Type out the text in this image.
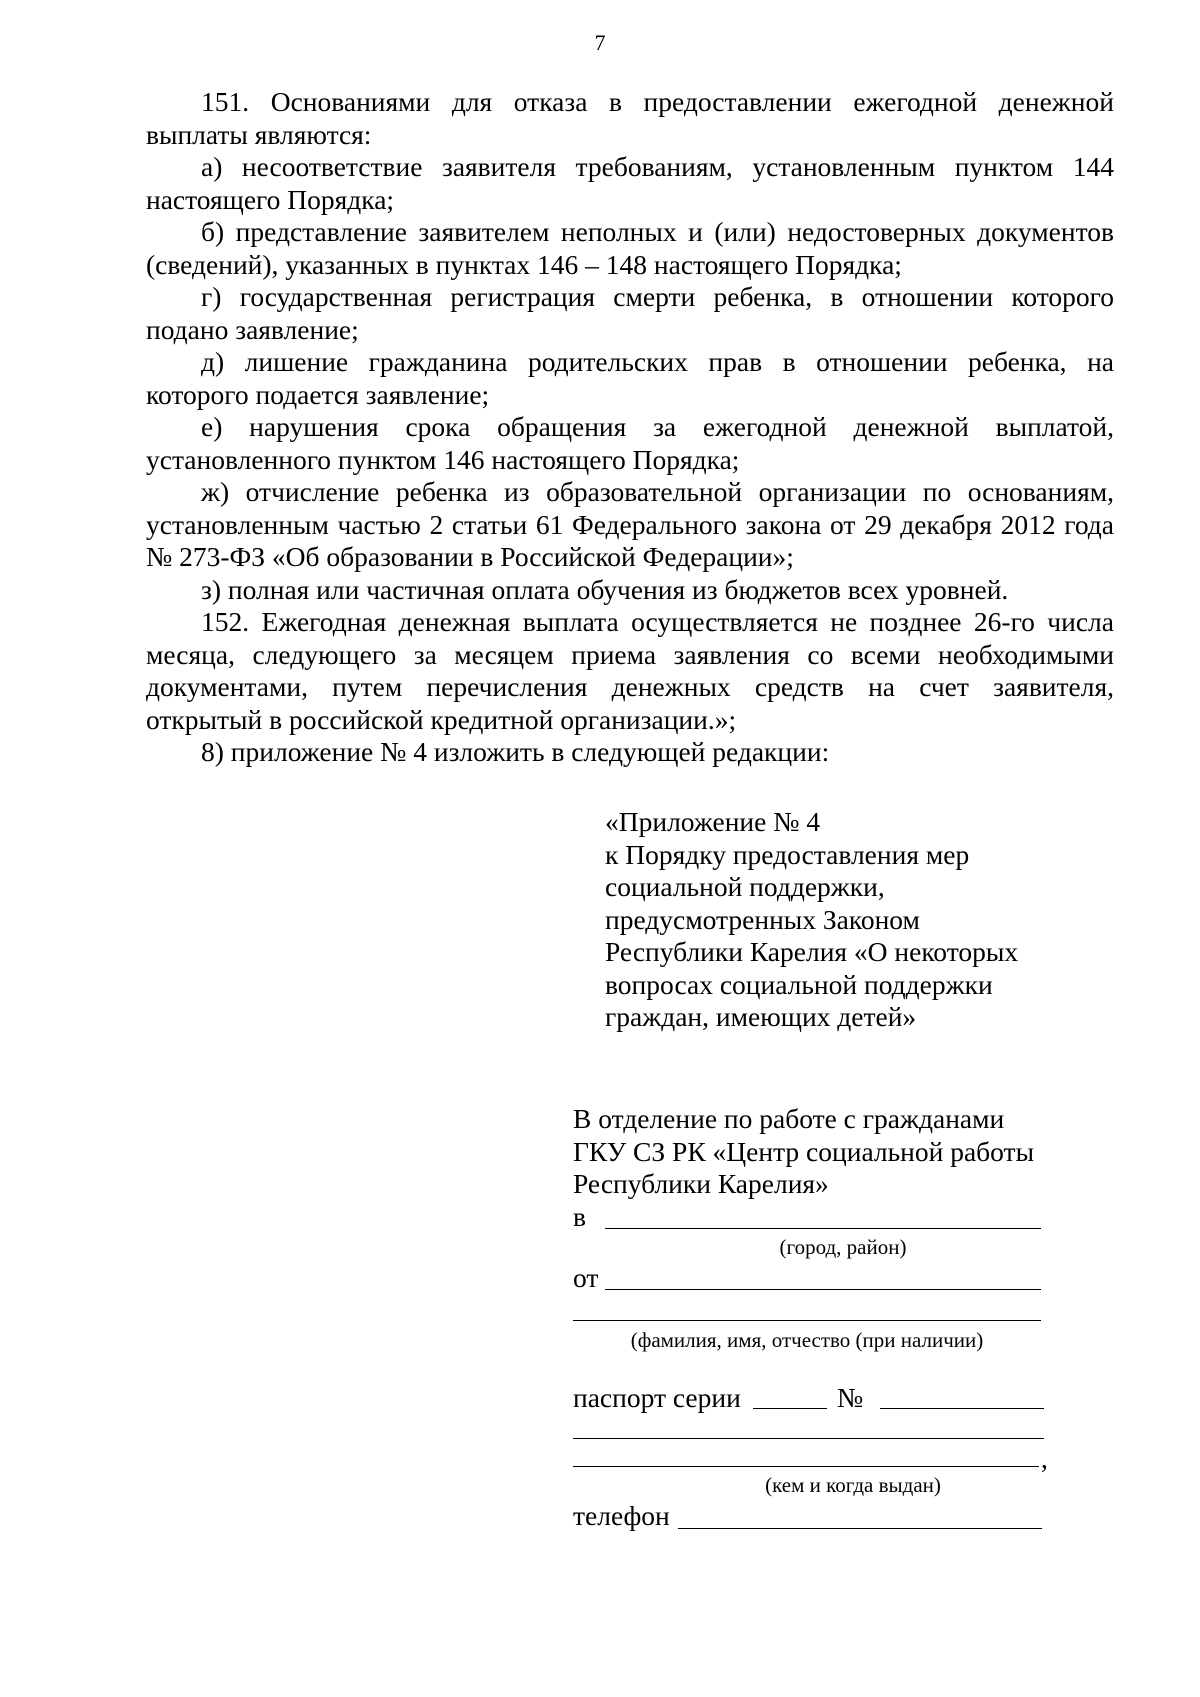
7

151. Основаниями для отказа в предоставлении ежегодной денежной выплаты являются:

а) несоответствие заявителя требованиям, установленным пунктом 144 настоящего Порядка;

б) представление заявителем неполных и (или) недостоверных документов (сведений), указанных в пунктах 146 – 148 настоящего Порядка;

г) государственная регистрация смерти ребенка, в отношении которого подано заявление;

д) лишение гражданина родительских прав в отношении ребенка, на которого подается заявление;

е) нарушения срока обращения за ежегодной денежной выплатой, установленного пунктом 146 настоящего Порядка;

ж) отчисление ребенка из образовательной организации по основаниям, установленным частью 2 статьи 61 Федерального закона от 29 декабря 2012 года № 273-ФЗ «Об образовании в Российской Федерации»;

з) полная или частичная оплата обучения из бюджетов всех уровней.

152. Ежегодная денежная выплата осуществляется не позднее 26-го числа месяца, следующего за месяцем приема заявления со всеми необходимыми документами, путем перечисления денежных средств на счет заявителя, открытый в российской кредитной организации.»;

8) приложение № 4 изложить в следующей редакции:

«Приложение № 4
к Порядку предоставления мер
социальной поддержки,
предусмотренных Законом
Республики Карелия «О некоторых
вопросах социальной поддержки
граждан, имеющих детей»
В отделение по работе с гражданами
ГКУ СЗ РК «Центр социальной работы
Республики Карелия»
в
(город, район)
от
(фамилия, имя, отчество (при наличии)
паспорт серии	№
,
(кем и когда выдан)
телефон
